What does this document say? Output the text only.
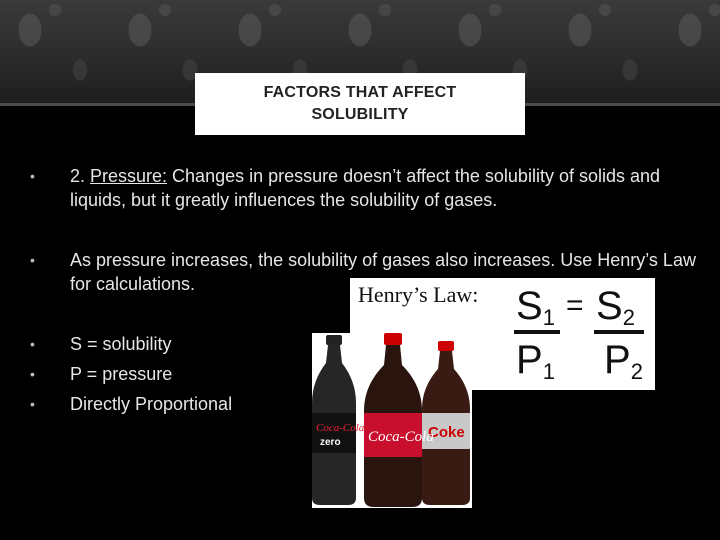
FACTORS THAT AFFECT
SOLUBILITY
• 2. Pressure: Changes in pressure doesn’t affect the solubility of solids and liquids, but it greatly influences the solubility of gases.
• As pressure increases, the solubility of gases also increases. Use Henry’s Law for calculations.
• S = solubility
• P = pressure
• Directly Proportional
Henry’s Law: $S_1 = S_2$
$P_1$ $P_2$
Coca-Cola
zero
Coke
Coca-Cola
